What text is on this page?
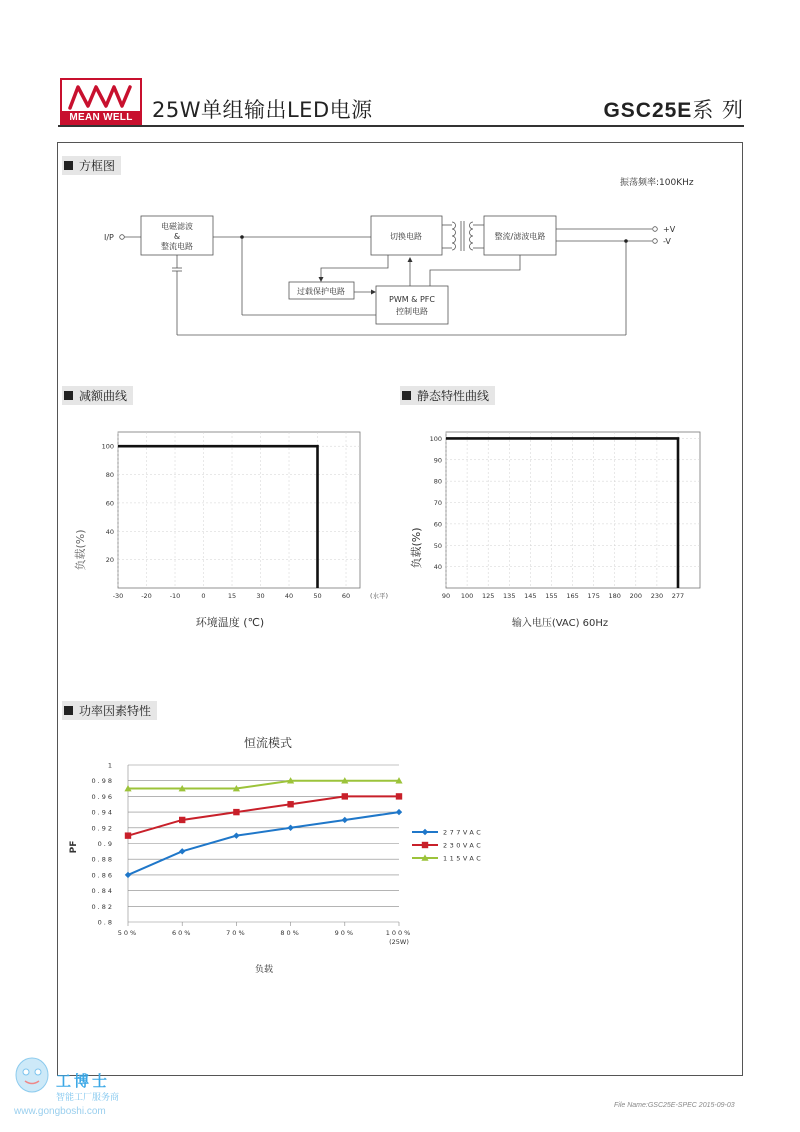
MEAN WELL 25W单组输出LED电源	GSC25E系 列
方框图
振荡频率:100KHz
I/P
电磁滤波
&
整流电路
切换电路	整流/滤波电路
过载保护电路
PWM & PFC
控制电路
+V
-V
减额曲线
(水平)
负载(%)
环境温度 (℃)
20
40
60
80
100
-30	-20	-10	0	15	30	40	50	60
静态特性曲线
负载(%)
输入电压(VAC) 60Hz
40
50
60
70
80
90
100
90 100 125 135 145 155 165 175 180 200 230 277
功率因素特性
恒流模式
PF
负载
(25W)
0.8
0.82
0.84
0.86
0.88
0.9
0.92
0.94
0.96
0.98
1
50%	60%	70%	80%	90%	100%
277VAC
230VAC
115VAC
工博士
智能工厂服务商
www.gongboshi.com
File Name:GSC25E-SPEC 2015-09-03
